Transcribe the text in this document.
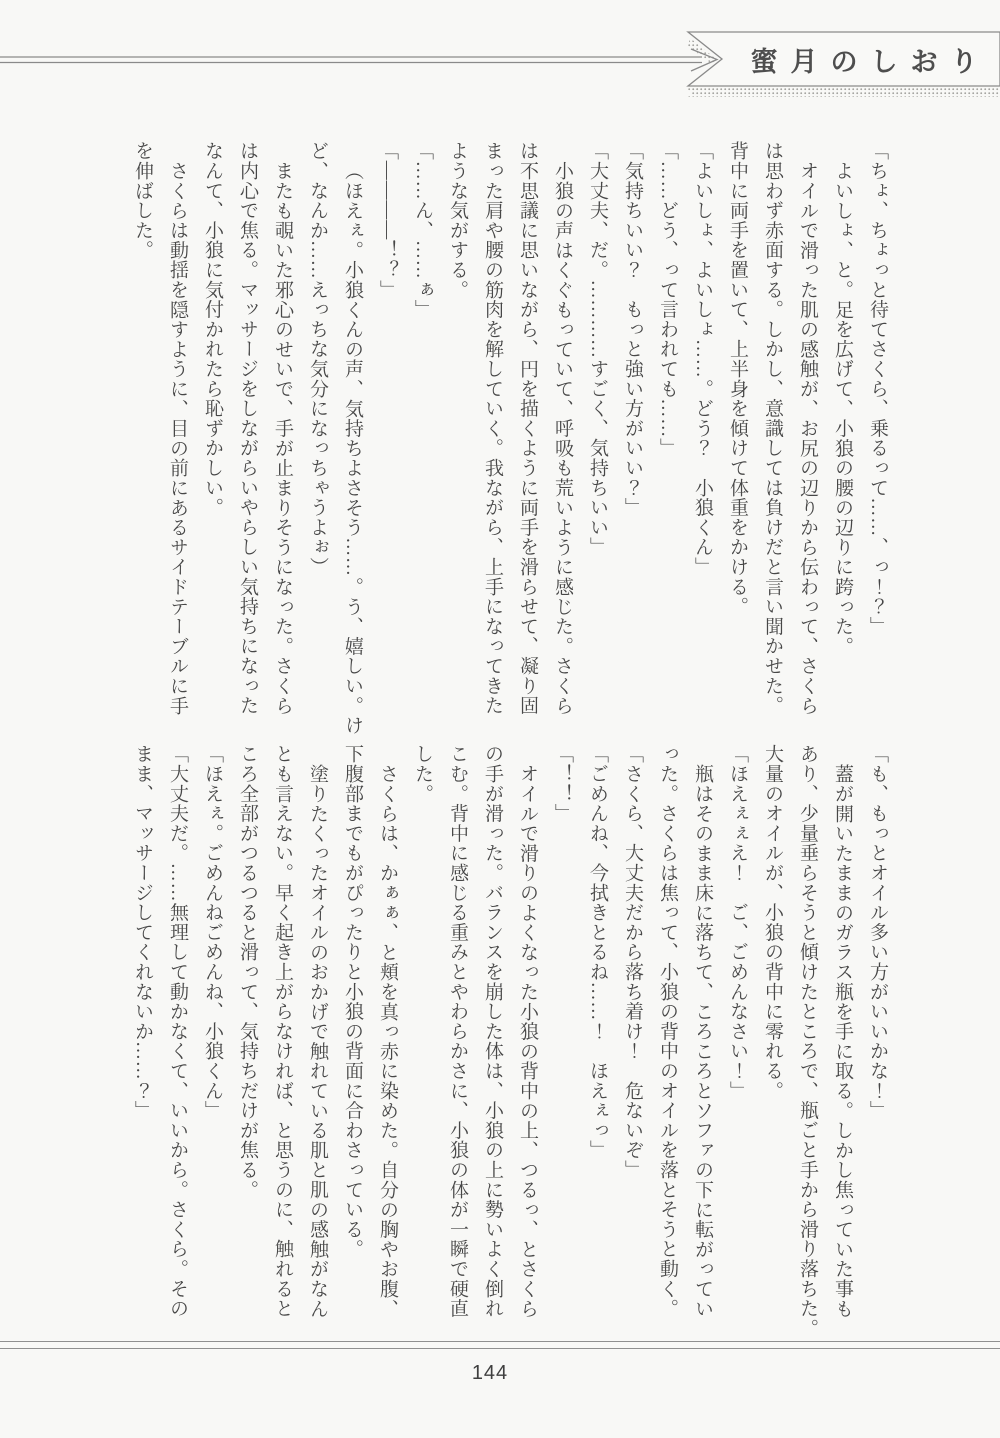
蜜月のしおり

「ちょ、ちょっと待てさくら、乗るって……、っ！？」

よいしょ、と。足を広げて、小狼の腰の辺りに跨った。

オイルで滑った肌の感触が、お尻の辺りから伝わって、さくら

は思わず赤面する。しかし、意識しては負けだと言い聞かせた。

背中に両手を置いて、上半身を傾けて体重をかける。

「よいしょ、よいしょ……。どう？　小狼くん」

「……どう、って言われても……」

「気持ちいい？　もっと強い方がいい？」

「大丈夫、だ。…………すごく、気持ちいい」

小狼の声はくぐもっていて、呼吸も荒いように感じた。さくら

は不思議に思いながら、円を描くように両手を滑らせて、凝り固

まった肩や腰の筋肉を解していく。我ながら、上手になってきた

ような気がする。

「……ん、……ぁ」

「――――！？」

（ほえぇ。小狼くんの声、気持ちよさそう……。う、嬉しい。け

ど、なんか……えっちな気分になっちゃうよぉ）

またも覗いた邪心のせいで、手が止まりそうになった。さくら

は内心で焦る。マッサージをしながらいやらしい気持ちになった

なんて、小狼に気付かれたら恥ずかしい。

さくらは動揺を隠すように、目の前にあるサイドテーブルに手

を伸ばした。

「も、もっとオイル多い方がいいかな！」

蓋が開いたままのガラス瓶を手に取る。しかし焦っていた事も

あり、少量垂らそうと傾けたところで、瓶ごと手から滑り落ちた。

大量のオイルが、小狼の背中に零れる。

「ほえぇぇえ！　ご、ごめんなさい！」

瓶はそのまま床に落ちて、ころころとソファの下に転がってい

った。さくらは焦って、小狼の背中のオイルを落とそうと動く。

「さくら、大丈夫だから落ち着け！　危ないぞ」

「ごめんね、今拭きとるね……！　ほえぇっ」

「！！」

オイルで滑りのよくなった小狼の背中の上、つるっ、とさくら

の手が滑った。バランスを崩した体は、小狼の上に勢いよく倒れ

こむ。背中に感じる重みとやわらかさに、小狼の体が一瞬で硬直

した。

さくらは、かぁぁ、と頬を真っ赤に染めた。自分の胸やお腹、

下腹部までもがぴったりと小狼の背面に合わさっている。

塗りたくったオイルのおかげで触れている肌と肌の感触がなん

とも言えない。早く起き上がらなければ、と思うのに、触れると

ころ全部がつるつると滑って、気持ちだけが焦る。

「ほえぇ。ごめんねごめんね、小狼くん」

「大丈夫だ。……無理して動かなくて、いいから。さくら。その

まま、マッサージしてくれないか……？」

144
